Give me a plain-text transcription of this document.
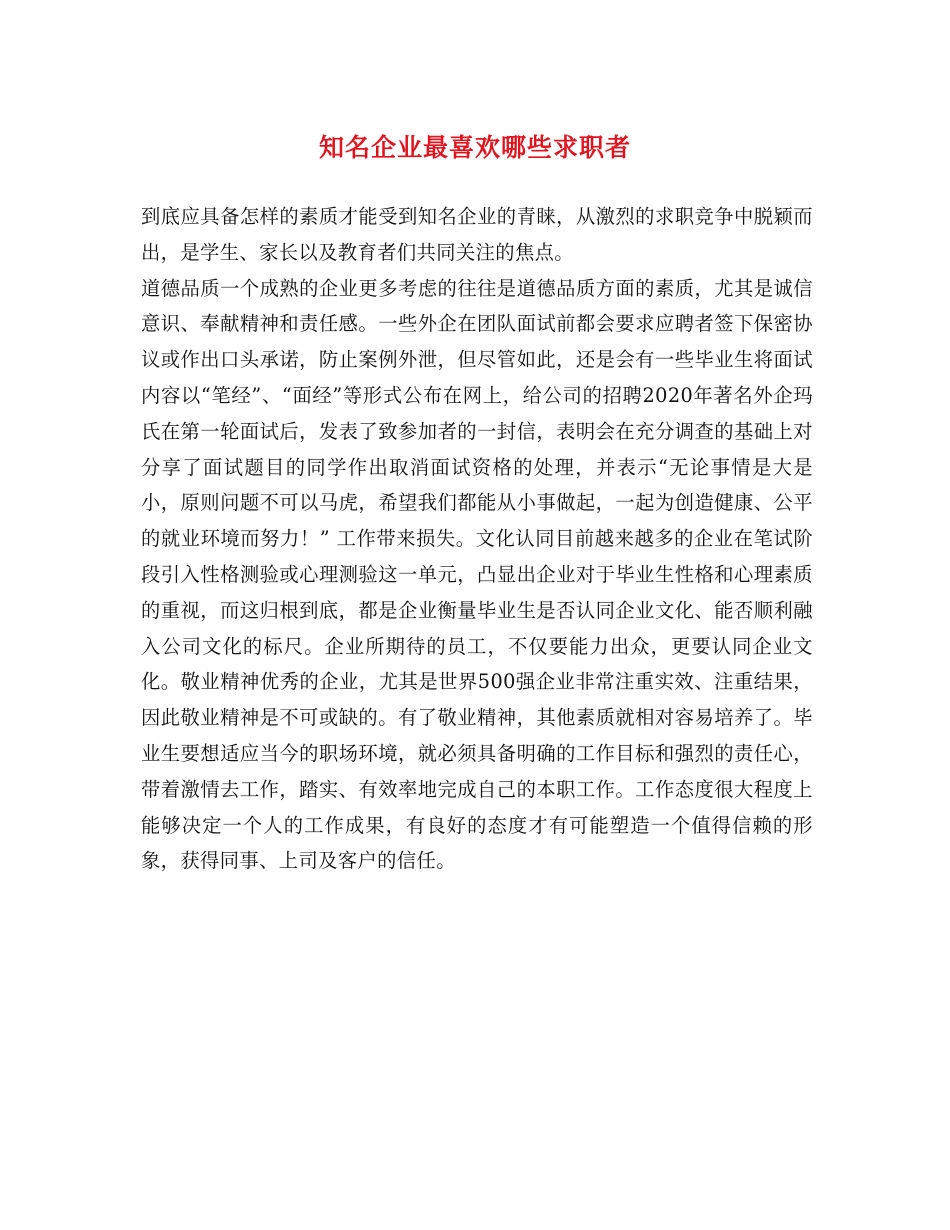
知名企业最喜欢哪些求职者

到底应具备怎样的素质才能受到知名企业的青睐，从激烈的求职竞争中脱颖而出，是学生、家长以及教育者们共同关注的焦点。

道德品质一个成熟的企业更多考虑的往往是道德品质方面的素质，尤其是诚信意识、奉献精神和责任感。一些外企在团队面试前都会要求应聘者签下保密协议或作出口头承诺，防止案例外泄，但尽管如此，还是会有一些毕业生将面试内容以“笔经”、“面经”等形式公布在网上，给公司的招聘2020年著名外企玛氏在第一轮面试后，发表了致参加者的一封信，表明会在充分调查的基础上对分享了面试题目的同学作出取消面试资格的处理，并表示“无论事情是大是小，原则问题不可以马虎，希望我们都能从小事做起，一起为创造健康、公平的就业环境而努力！” 工作带来损失。文化认同目前越来越多的企业在笔试阶段引入性格测验或心理测验这一单元，凸显出企业对于毕业生性格和心理素质的重视，而这归根到底，都是企业衡量毕业生是否认同企业文化、能否顺利融入公司文化的标尺。企业所期待的员工，不仅要能力出众，更要认同企业文化。敬业精神优秀的企业，尤其是世界500强企业非常注重实效、注重结果，因此敬业精神是不可或缺的。有了敬业精神，其他素质就相对容易培养了。毕业生要想适应当今的职场环境，就必须具备明确的工作目标和强烈的责任心，带着激情去工作，踏实、有效率地完成自己的本职工作。工作态度很大程度上能够决定一个人的工作成果，有良好的态度才有可能塑造一个值得信赖的形象，获得同事、上司及客户的信任。
